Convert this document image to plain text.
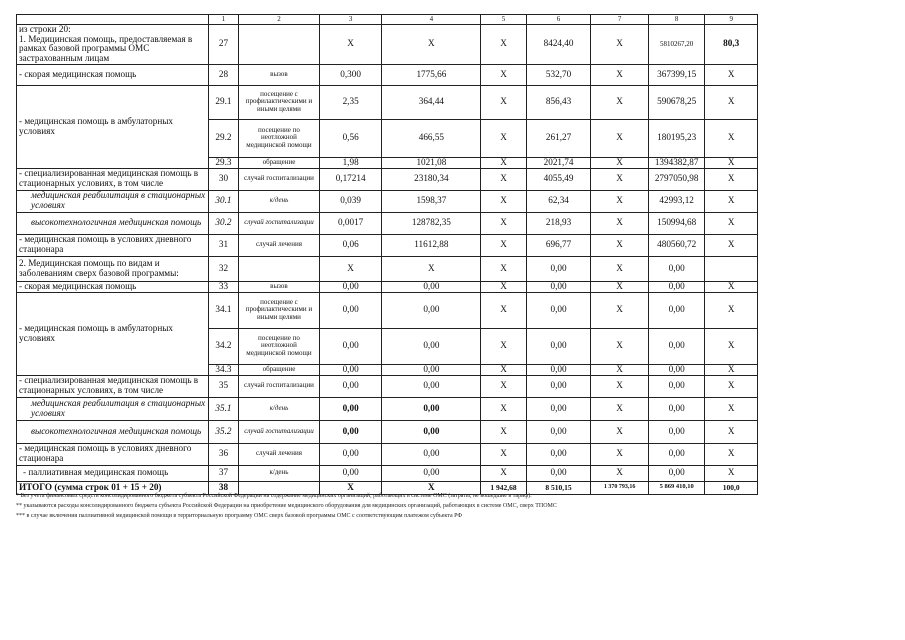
	1	2	3	4	5	6	7	8	9
из строки 20:
1. Медицинская помощь, предоставляемая в рамках базовой программы ОМС застрахованным лицам	27		X	X	X	8424,40	X	5810267,20	80,3
- скорая медицинская помощь	28	вызов	0,300	1775,66	X	532,70	X	367399,15	X
- медицинская помощь в амбулаторных условиях	29.1	посещение с профилактическими и иными целями	2,35	364,44	X	856,43	X	590678,25	X
	29.2	посещение по неотложной медицинской помощи	0,56	466,55	X	261,27	X	180195,23	X
	29.3	обращение	1,98	1021,08	X	2021,74	X	1394382,87	X
- специализированная медицинская помощь в стационарных условиях, в том числе	30	случай госпитализации	0,17214	23180,34	X	4055,49	X	2797050,98	X
медицинская реабилитация в стационарных условиях	30.1	к/день	0,039	1598,37	X	62,34	X	42993,12	X
высокотехнологичная медицинская помощь	30.2	случай госпитализации	0,0017	128782,35	X	218,93	X	150994,68	X
- медицинская помощь в условиях дневного стационара	31	случай лечения	0,06	11612,88	X	696,77	X	480560,72	X
2. Медицинская помощь по видам и заболеваниям сверх базовой программы:	32		X	X	X	0,00	X	0,00	
- скорая медицинская помощь	33	вызов	0,00	0,00	X	0,00	X	0,00	X
- медицинская помощь в амбулаторных условиях	34.1	посещение с профилактическими и иными целями	0,00	0,00	X	0,00	X	0,00	X
	34.2	посещение по неотложной медицинской помощи	0,00	0,00	X	0,00	X	0,00	X
	34.3	обращение	0,00	0,00	X	0,00	X	0,00	X
- специализированная медицинская помощь в стационарных условиях, в том числе	35	случай госпитализации	0,00	0,00	X	0,00	X	0,00	X
медицинская реабилитация в стационарных условиях	35.1	к/день	0,00	0,00	X	0,00	X	0,00	X
высокотехнологичная медицинская помощь	35.2	случай госпитализации	0,00	0,00	X	0,00	X	0,00	X
- медицинская помощь в условиях дневного стационара	36	случай лечения	0,00	0,00	X	0,00	X	0,00	X
- паллиативная медицинская помощь	37	к/день	0,00	0,00	X	0,00	X	0,00	X
ИТОГО (сумма строк 01 + 15 + 20)	38		X	X	1 942,68	8 510,15	1 370 793,16	5 869 410,10	100,0
* Без учета финансовых средств консолидированного бюджета субъекта Российской Федерации на содержание медицинских организаций, работающих в системе ОМС (затраты, не вошедшие в тариф).
** указываются расходы консолидированного бюджета субъекта Российской Федерации на приобретение медицинского оборудования для медицинских организаций, работающих в системе ОМС, сверх ТПОМС
*** в случае включения паллиативной медицинской помощи в территориальную программу ОМС сверх базовой программы ОМС с соответствующим платежом субъекта РФ
